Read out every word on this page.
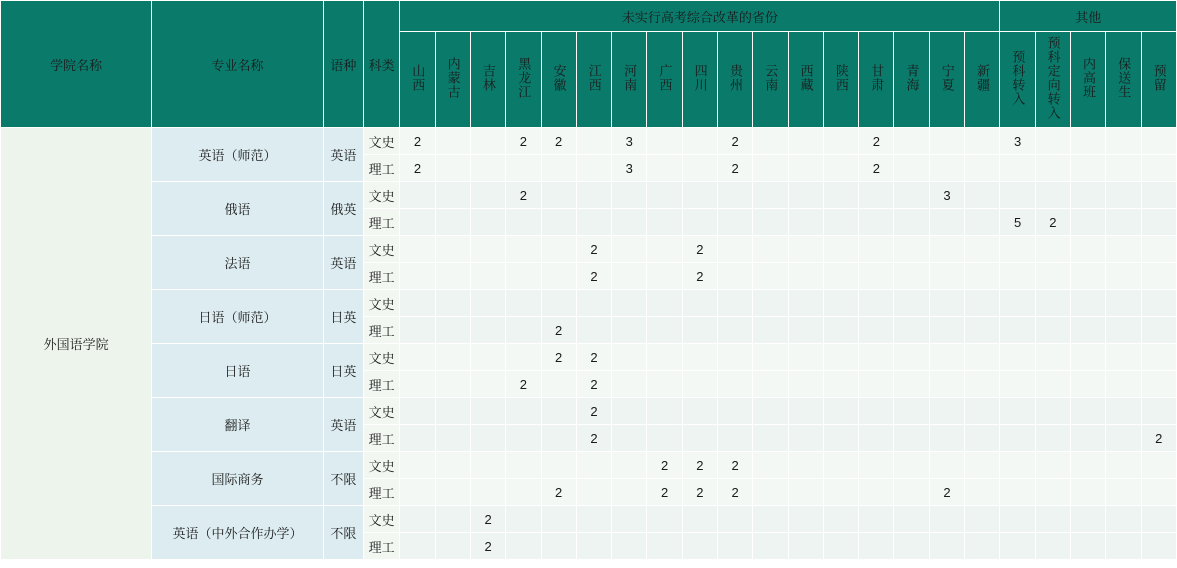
学院名称	专业名称	语种	科类	未实行高考综合改革的省份																	其他				
				山西	内蒙古	吉林	黑龙江	安徽	江西	河南	广西	四川	贵州	云南	西藏	陕西	甘肃	青海	宁夏	新疆	预科转入	预科定向转入	内高班	保送生	预留
外国语学院	英语（师范）	英语	文史	2			2	2		3			2				2				3				
			理工	2						3			2				2								
	俄语	俄英	文史				2												3						
			理工																		5	2			
	法语	英语	文史						2			2													
			理工						2			2													
	日语（师范）	日英	文史																						
			理工					2																	
	日语	日英	文史					2	2																
			理工				2		2																
	翻译	英语	文史						2																
			理工						2																2
	国际商务	不限	文史								2	2	2												
			理工					2			2	2	2						2						
	英语（中外合作办学）	不限	文史			2																			
			理工			2																			
